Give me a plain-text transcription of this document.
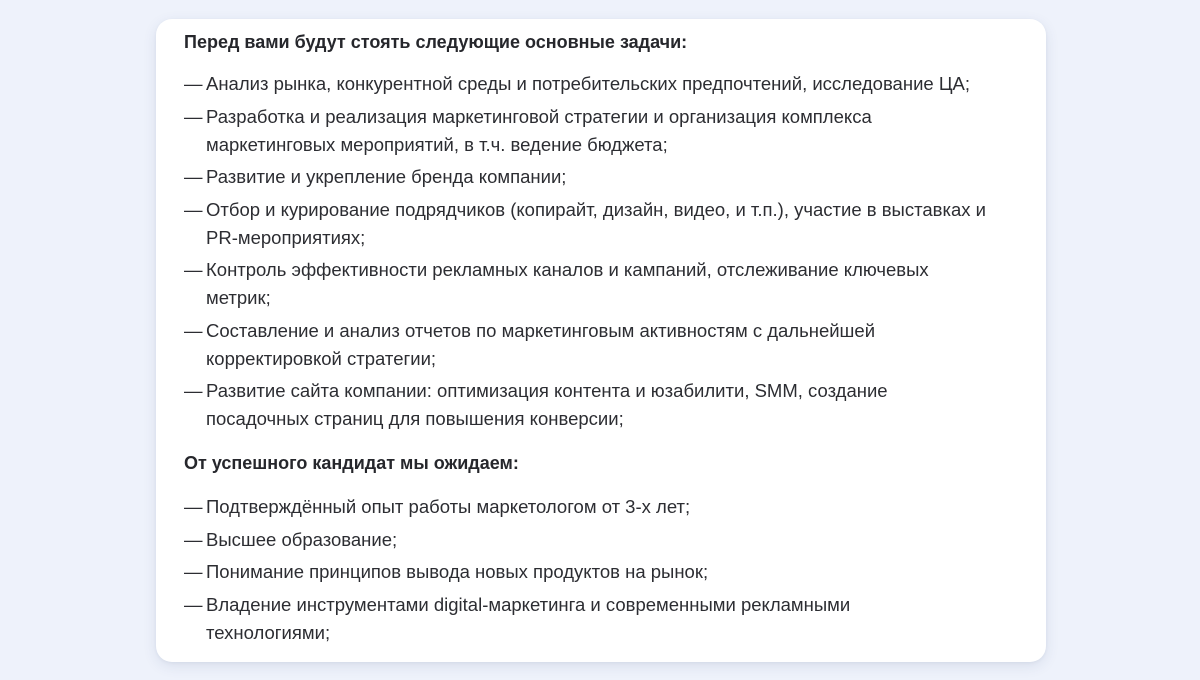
Перед вами будут стоять следующие основные задачи:
— Анализ рынка, конкурентной среды и потребительских предпочтений, исследование ЦА;
— Разработка и реализация маркетинговой стратегии и организация комплекса
маркетинговых мероприятий, в т.ч. ведение бюджета;
— Развитие и укрепление бренда компании;
— Отбор и курирование подрядчиков (копирайт, дизайн, видео, и т.п.), участие в выставках и
PR-мероприятиях;
— Контроль эффективности рекламных каналов и кампаний, отслеживание ключевых
метрик;
— Составление и анализ отчетов по маркетинговым активностям с дальнейшей
корректировкой стратегии;
— Развитие сайта компании: оптимизация контента и юзабилити, SMM, создание
посадочных страниц для повышения конверсии;
От успешного кандидат мы ожидаем:
— Подтверждённый опыт работы маркетологом от 3-х лет;
— Высшее образование;
— Понимание принципов вывода новых продуктов на рынок;
— Владение инструментами digital-маркетинга и современными рекламными
технологиями;
